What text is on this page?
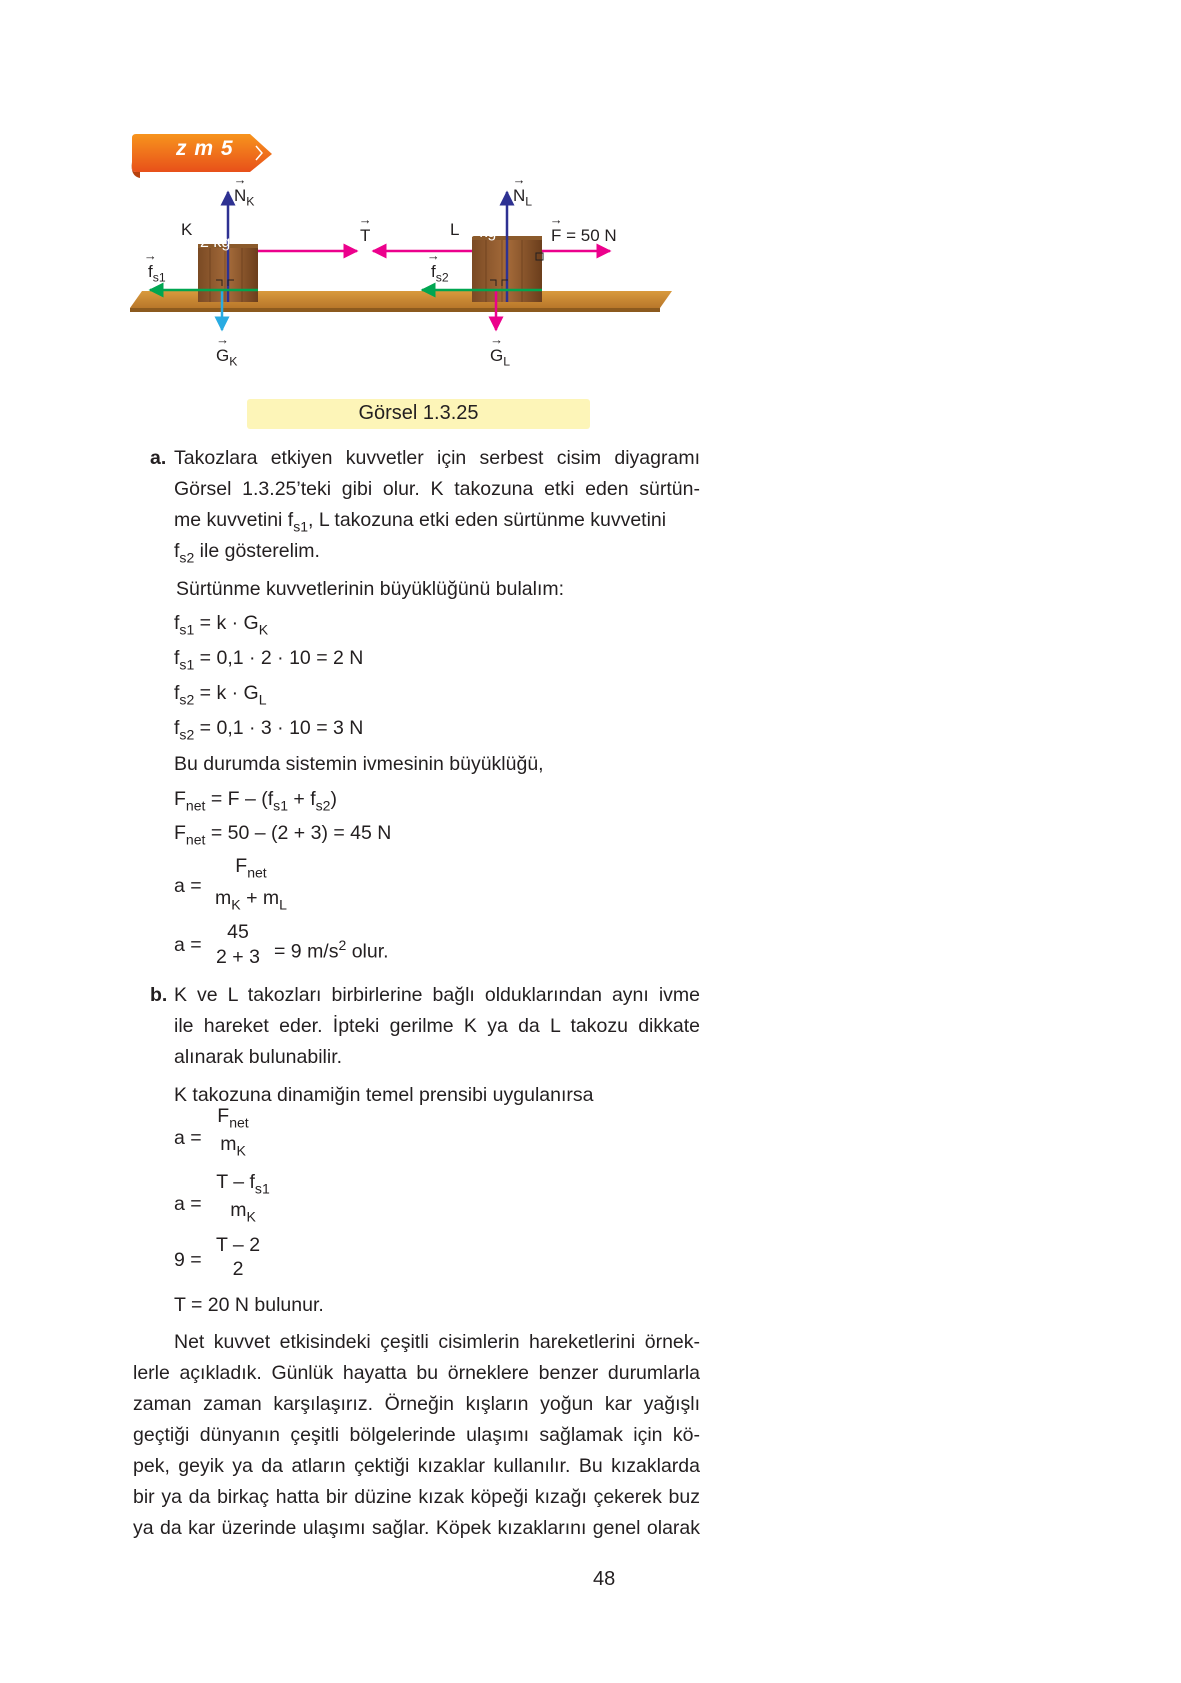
z m 5
K
2 kg
L 3 kg
→ $N_K$	→ $N_L$
→ $G_K$	→ $G_L$
→ $f_{s1}$	→ $f_{s2}$
→ T	→ F = 50 N
Görsel 1.3.25
a. Takozlara etkiyen kuvvetler için serbest cisim diyagramı
Görsel 1.3.25’teki gibi olur. K takozuna etki eden sürtün-
me kuvvetini $f_{s1}$, L takozuna etki eden sürtünme kuvvetini
$f_{s2}$ ile gösterelim.
Sürtünme kuvvetlerinin büyüklüğünü bulalım:
$f_{s1} = k \cdot G_K$
$f_{s1} = 0,1 \cdot 2 \cdot 10 = 2$ N
$f_{s2} = k \cdot G_L$
$f_{s2} = 0,1 \cdot 3 \cdot 10 = 3$ N
Bu durumda sistemin ivmesinin büyüklüğü,
$F_{net} = F - (f_{s1} + f_{s2})$
$F_{net} = 50 - (2 + 3) = 45$ N
a =
$F_{net}$
$m_K + m_L$
a =
45
2 + 3 = 9 $m/s^2$ olur.
b. K ve L takozları birbirlerine bağlı olduklarından aynı ivme
ile hareket eder. İpteki gerilme K ya da L takozu dikkate
alınarak bulunabilir.
K takozuna dinamiğin temel prensibi uygulanırsa
a =
$F_{net}$
$m_K$
a =
T – $f_{s1}$
$m_K$
9 =
T – 2
2
T = 20 N bulunur.
Net kuvvet etkisindeki çeşitli cisimlerin hareketlerini örnek-
lerle açıkladık. Günlük hayatta bu örneklere benzer durumlarla
zaman zaman karşılaşırız. Örneğin kışların yoğun kar yağışlı
geçtiği dünyanın çeşitli bölgelerinde ulaşımı sağlamak için kö-
pek, geyik ya da atların çektiği kızaklar kullanılır. Bu kızaklarda
bir ya da birkaç hatta bir düzine kızak köpeği kızağı çekerek buz
ya da kar üzerinde ulaşımı sağlar. Köpek kızaklarını genel olarak
48
